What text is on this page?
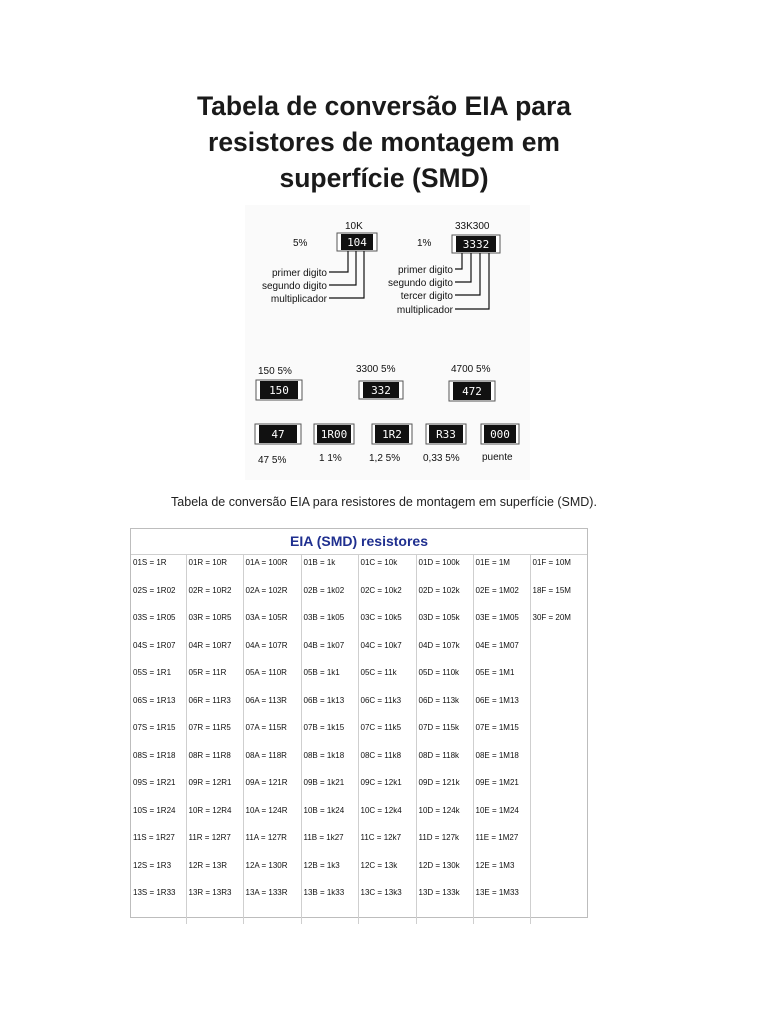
Tabela de conversão EIA para
resistores de montagem em
superfície (SMD)
10K
5%	104
primer digito
segundo digito
multiplicador
33K300
1%	3332
primer digito
segundo digito
tercer digito
multiplicador
150 5%
150
3300 5%
332
4700 5%
472
47
47 5%
1R00
1 1%
1R2
1,2 5%
R33
0,33 5%
000
puente
Tabela de conversão EIA para resistores de montagem em superfície (SMD).
EIA (SMD) resistores
01S = 1R	01R = 10R	01A = 100R	01B = 1k	01C = 10k	01D = 100k	01E = 1M	01F = 10M
02S = 1R02	02R = 10R2	02A = 102R	02B = 1k02	02C = 10k2	02D = 102k	02E = 1M02	18F = 15M
03S = 1R05	03R = 10R5	03A = 105R	03B = 1k05	03C = 10k5	03D = 105k	03E = 1M05	30F = 20M
04S = 1R07	04R = 10R7	04A = 107R	04B = 1k07	04C = 10k7	04D = 107k	04E = 1M07	
05S = 1R1	05R = 11R	05A = 110R	05B = 1k1	05C = 11k	05D = 110k	05E = 1M1	
06S = 1R13	06R = 11R3	06A = 113R	06B = 1k13	06C = 11k3	06D = 113k	06E = 1M13	
07S = 1R15	07R = 11R5	07A = 115R	07B = 1k15	07C = 11k5	07D = 115k	07E = 1M15	
08S = 1R18	08R = 11R8	08A = 118R	08B = 1k18	08C = 11k8	08D = 118k	08E = 1M18	
09S = 1R21	09R = 12R1	09A = 121R	09B = 1k21	09C = 12k1	09D = 121k	09E = 1M21	
10S = 1R24	10R = 12R4	10A = 124R	10B = 1k24	10C = 12k4	10D = 124k	10E = 1M24	
11S = 1R27	11R = 12R7	11A = 127R	11B = 1k27	11C = 12k7	11D = 127k	11E = 1M27	
12S = 1R3	12R = 13R	12A = 130R	12B = 1k3	12C = 13k	12D = 130k	12E = 1M3	
13S = 1R33	13R = 13R3	13A = 133R	13B = 1k33	13C = 13k3	13D = 133k	13E = 1M33	
